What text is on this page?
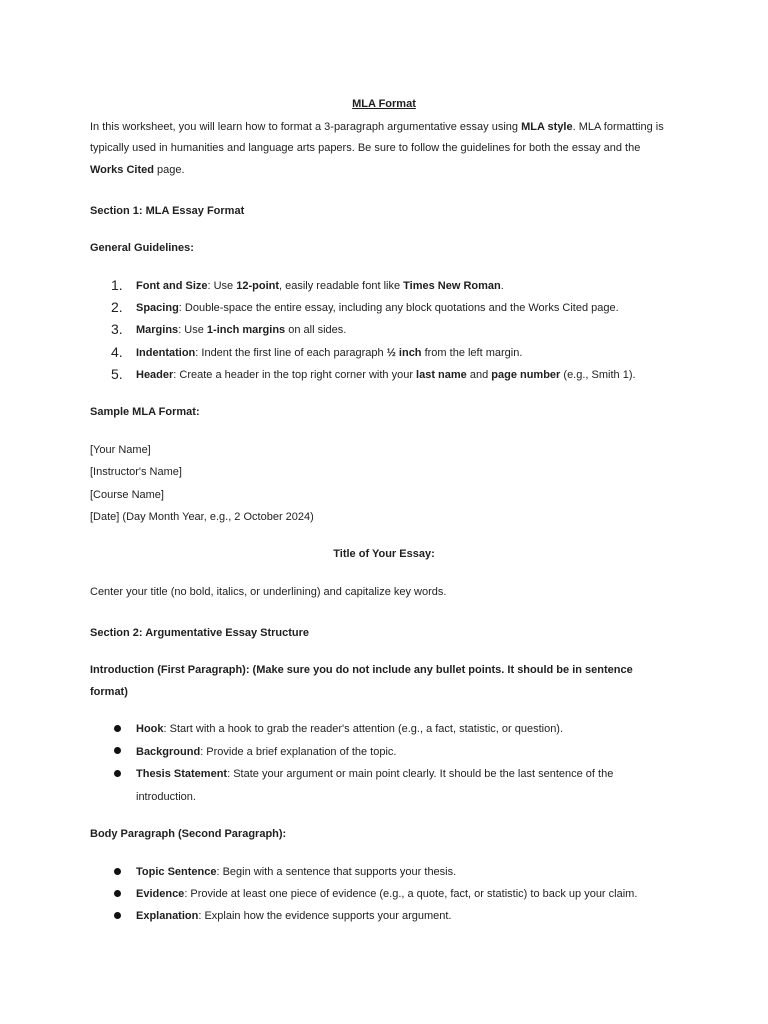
MLA Format
In this worksheet, you will learn how to format a 3-paragraph argumentative essay using MLA style. MLA formatting is
typically used in humanities and language arts papers. Be sure to follow the guidelines for both the essay and the
Works Cited page.
Section 1: MLA Essay Format
General Guidelines:
1.	Font and Size: Use 12-point, easily readable font like Times New Roman.
2.	Spacing: Double-space the entire essay, including any block quotations and the Works Cited page.
3.	Margins: Use 1-inch margins on all sides.
4.	Indentation: Indent the first line of each paragraph ½ inch from the left margin.
5.	Header: Create a header in the top right corner with your last name and page number (e.g., Smith 1).
Sample MLA Format:
[Your Name]
[Instructor's Name]
[Course Name]
[Date] (Day Month Year, e.g., 2 October 2024)
Title of Your Essay:
Center your title (no bold, italics, or underlining) and capitalize key words.
Section 2: Argumentative Essay Structure
Introduction (First Paragraph): (Make sure you do not include any bullet points. It should be in sentence
format)
Hook: Start with a hook to grab the reader's attention (e.g., a fact, statistic, or question).
Background: Provide a brief explanation of the topic.
Thesis Statement: State your argument or main point clearly. It should be the last sentence of the
introduction.
Body Paragraph (Second Paragraph):
Topic Sentence: Begin with a sentence that supports your thesis.
Evidence: Provide at least one piece of evidence (e.g., a quote, fact, or statistic) to back up your claim.
Explanation: Explain how the evidence supports your argument.
